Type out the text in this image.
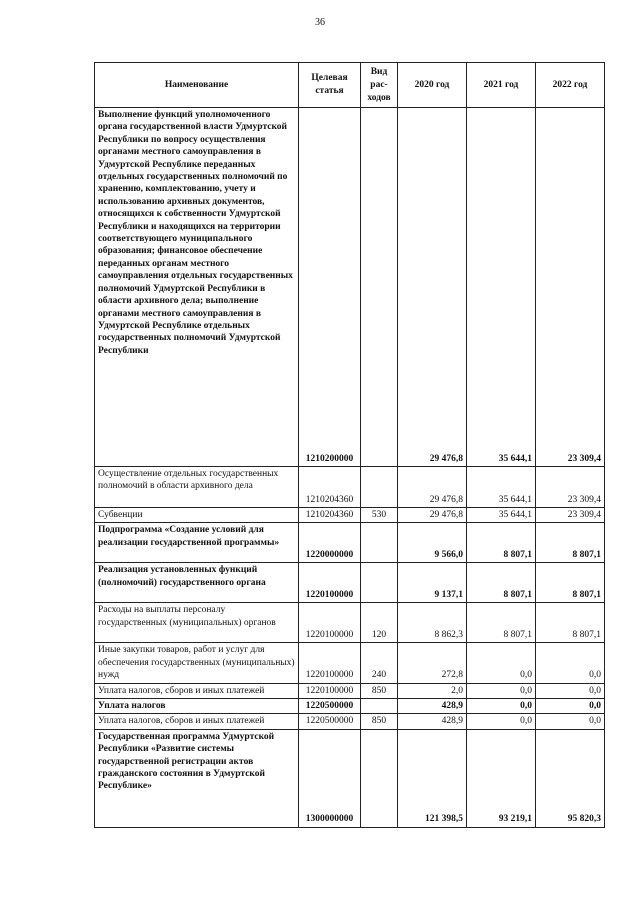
36
Наименование	Целевая статья	Вид рас-ходов	2020 год	2021 год	2022 год
Выполнение функций уполномоченного органа государственной власти Удмуртской Республики по вопросу осуществления органами местного самоуправления в Удмуртской Республике переданных отдельных государственных полномочий по хранению, комплектованию, учету и использованию архивных документов, относящихся к собственности Удмуртской Республики и находящихся на территории соответствующего муниципального образования; финансовое обеспечение переданных органам местного самоуправления отдельных государственных полномочий Удмуртской Республики в области архивного дела; выполнение органами местного самоуправления в Удмуртской Республике отдельных государственных полномочий Удмуртской Республики	1210200000		29 476,8	35 644,1	23 309,4
Осуществление отдельных государственных полномочий в области архивного дела	1210204360		29 476,8	35 644,1	23 309,4
Субвенции	1210204360	530	29 476,8	35 644,1	23 309,4
Подпрограмма «Создание условий для реализации государственной программы»	1220000000		9 566,0	8 807,1	8 807,1
Реализация установленных функций (полномочий) государственного органа	1220100000		9 137,1	8 807,1	8 807,1
Расходы на выплаты персоналу государственных (муниципальных) органов	1220100000	120	8 862,3	8 807,1	8 807,1
Иные закупки товаров, работ и услуг для обеспечения государственных (муниципальных) нужд	1220100000	240	272,8	0,0	0,0
Уплата налогов, сборов и иных платежей	1220100000	850	2,0	0,0	0,0
Уплата налогов	1220500000		428,9	0,0	0,0
Уплата налогов, сборов и иных платежей	1220500000	850	428,9	0,0	0,0
Государственная программа Удмуртской Республики «Развитие системы государственной регистрации актов гражданского состояния в Удмуртской Республике»	1300000000		121 398,5	93 219,1	95 820,3
